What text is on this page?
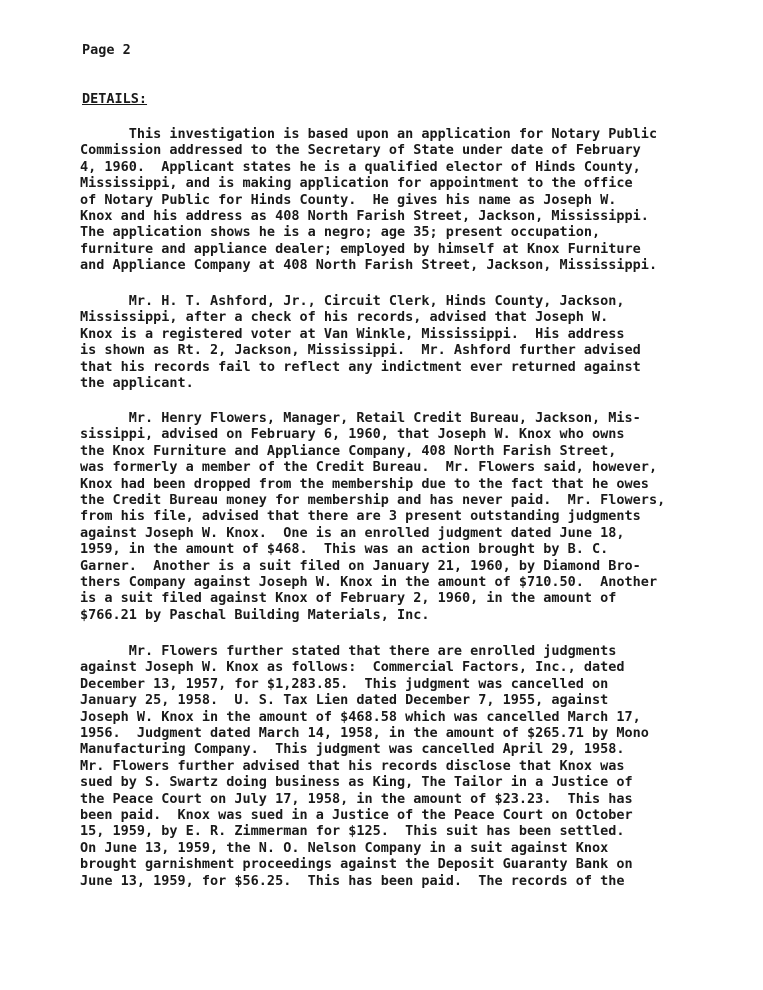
Page 2
DETAILS:
This investigation is based upon an application for Notary Public
Commission addressed to the Secretary of State under date of February
4, 1960.  Applicant states he is a qualified elector of Hinds County,
Mississippi, and is making application for appointment to the office
of Notary Public for Hinds County.  He gives his name as Joseph W.
Knox and his address as 408 North Farish Street, Jackson, Mississippi.
The application shows he is a negro; age 35; present occupation,
furniture and appliance dealer; employed by himself at Knox Furniture
and Appliance Company at 408 North Farish Street, Jackson, Mississippi.
Mr. H. T. Ashford, Jr., Circuit Clerk, Hinds County, Jackson,
Mississippi, after a check of his records, advised that Joseph W.
Knox is a registered voter at Van Winkle, Mississippi.  His address
is shown as Rt. 2, Jackson, Mississippi.  Mr. Ashford further advised
that his records fail to reflect any indictment ever returned against
the applicant.
Mr. Henry Flowers, Manager, Retail Credit Bureau, Jackson, Mis-
sissippi, advised on February 6, 1960, that Joseph W. Knox who owns
the Knox Furniture and Appliance Company, 408 North Farish Street,
was formerly a member of the Credit Bureau.  Mr. Flowers said, however,
Knox had been dropped from the membership due to the fact that he owes
the Credit Bureau money for membership and has never paid.  Mr. Flowers,
from his file, advised that there are 3 present outstanding judgments
against Joseph W. Knox.  One is an enrolled judgment dated June 18,
1959, in the amount of $468.  This was an action brought by B. C.
Garner.  Another is a suit filed on January 21, 1960, by Diamond Bro-
thers Company against Joseph W. Knox in the amount of $710.50.  Another
is a suit filed against Knox of February 2, 1960, in the amount of
$766.21 by Paschal Building Materials, Inc.
Mr. Flowers further stated that there are enrolled judgments
against Joseph W. Knox as follows:  Commercial Factors, Inc., dated
December 13, 1957, for $1,283.85.  This judgment was cancelled on
January 25, 1958.  U. S. Tax Lien dated December 7, 1955, against
Joseph W. Knox in the amount of $468.58 which was cancelled March 17,
1956.  Judgment dated March 14, 1958, in the amount of $265.71 by Mono
Manufacturing Company.  This judgment was cancelled April 29, 1958.
Mr. Flowers further advised that his records disclose that Knox was
sued by S. Swartz doing business as King, The Tailor in a Justice of
the Peace Court on July 17, 1958, in the amount of $23.23.  This has
been paid.  Knox was sued in a Justice of the Peace Court on October
15, 1959, by E. R. Zimmerman for $125.  This suit has been settled.
On June 13, 1959, the N. O. Nelson Company in a suit against Knox
brought garnishment proceedings against the Deposit Guaranty Bank on
June 13, 1959, for $56.25.  This has been paid.  The records of the
